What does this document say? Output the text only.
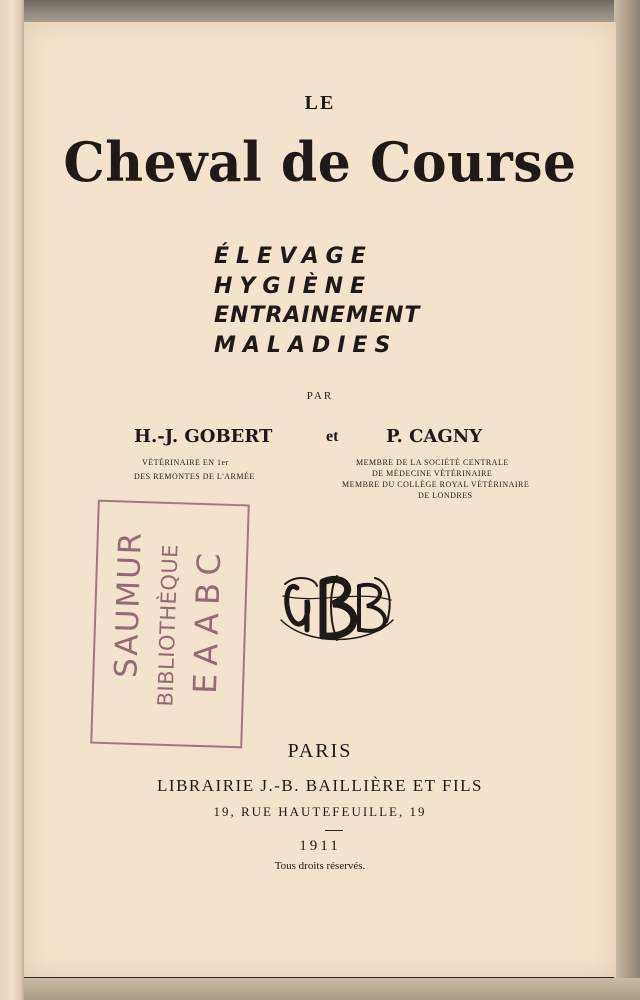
LE
Cheval de Course
ÉLEVAGE
HYGIÈNE
ENTRAINEMENT
MALADIES
PAR
H.-J. GOBERT	et	P. CAGNY
VÉTÉRINAIRE EN 1er
DES REMONTES DE L'ARMÉE
MEMBRE DE LA SOCIÉTÉ CENTRALE
DE MÉDECINE VÉTÉRINAIRE
MEMBRE DU COLLÈGE ROYAL VÉTÉRINAIRE
DE LONDRES
SAUMUR BIBLIOTHÈQUE EAABC
PARIS
LIBRAIRIE J.-B. BAILLIÈRE ET FILS
19, RUE HAUTEFEUILLE, 19
1911
Tous droits réservés.
